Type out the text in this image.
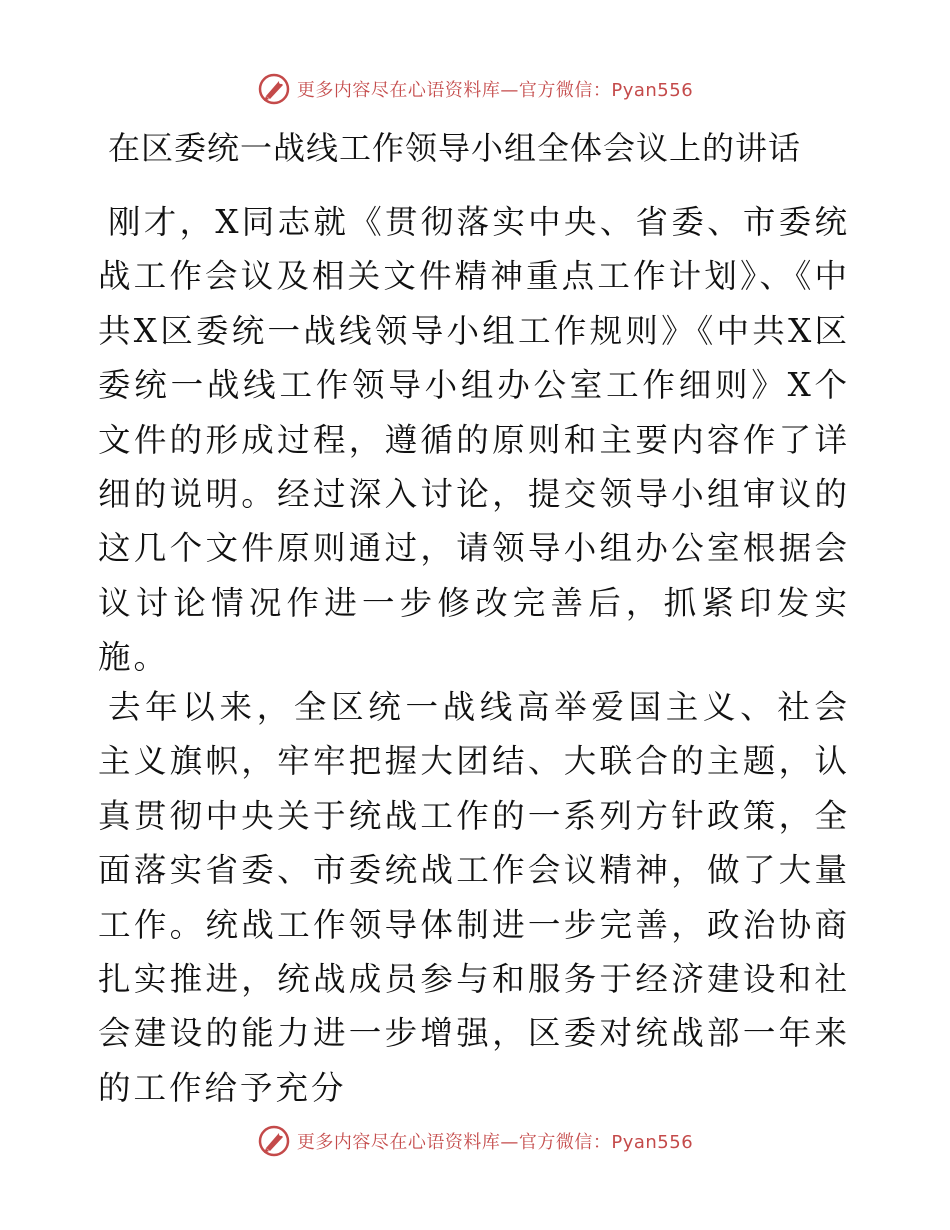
更多内容尽在心语资料库—官方微信：Pyan556
在区委统一战线工作领导小组全体会议上的讲话
刚才，X同志就《贯彻落实中央、省委、市委统战工作会议及相关文件精神重点工作计划》、《中共X区委统一战线领导小组工作规则》《中共X区委统一战线工作领导小组办公室工作细则》X个文件的形成过程，遵循的原则和主要内容作了详细的说明。经过深入讨论，提交领导小组审议的这几个文件原则通过，请领导小组办公室根据会议讨论情况作进一步修改完善后，抓紧印发实施。
去年以来，全区统一战线高举爱国主义、社会主义旗帜，牢牢把握大团结、大联合的主题，认真贯彻中央关于统战工作的一系列方针政策，全面落实省委、市委统战工作会议精神，做了大量工作。统战工作领导体制进一步完善，政治协商扎实推进，统战成员参与和服务于经济建设和社会建设的能力进一步增强，区委对统战部一年来的工作给予充分
更多内容尽在心语资料库—官方微信：Pyan556
